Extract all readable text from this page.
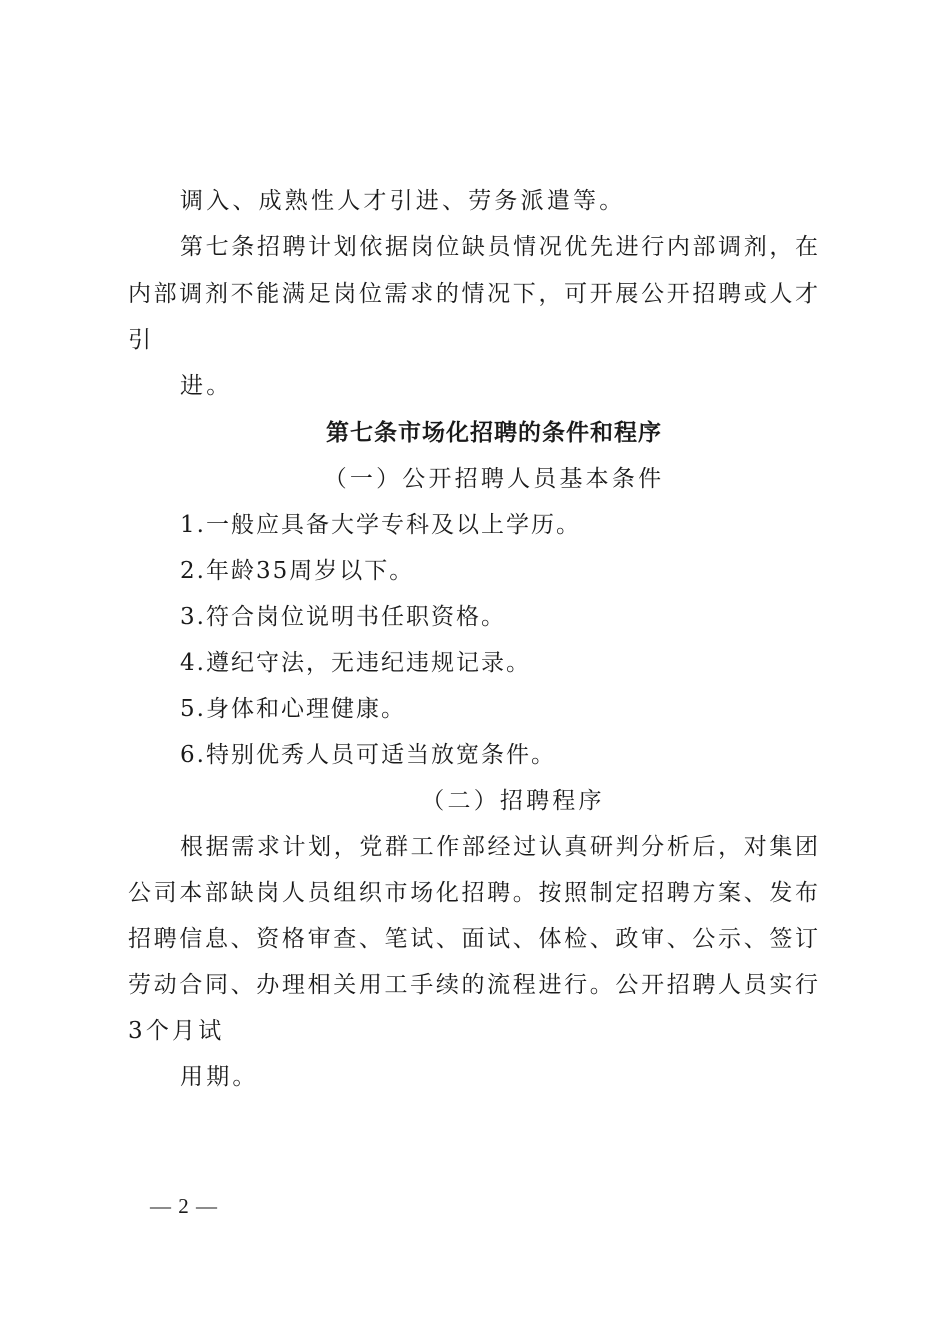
调入、成熟性人才引进、劳务派遣等。
第七条招聘计划依据岗位缺员情况优先进行内部调剂，在
内部调剂不能满足岗位需求的情况下，可开展公开招聘或人才
引
进。
第七条市场化招聘的条件和程序
（一）公开招聘人员基本条件
1.一般应具备大学专科及以上学历。
2.年龄35周岁以下。
3.符合岗位说明书任职资格。
4.遵纪守法，无违纪违规记录。
5.身体和心理健康。
6.特别优秀人员可适当放宽条件。
（二）招聘程序
根据需求计划，党群工作部经过认真研判分析后，对集团
公司本部缺岗人员组织市场化招聘。按照制定招聘方案、发布
招聘信息、资格审查、笔试、面试、体检、政审、公示、签订
劳动合同、办理相关用工手续的流程进行。公开招聘人员实行
3个月试
用期。
— 2 —
